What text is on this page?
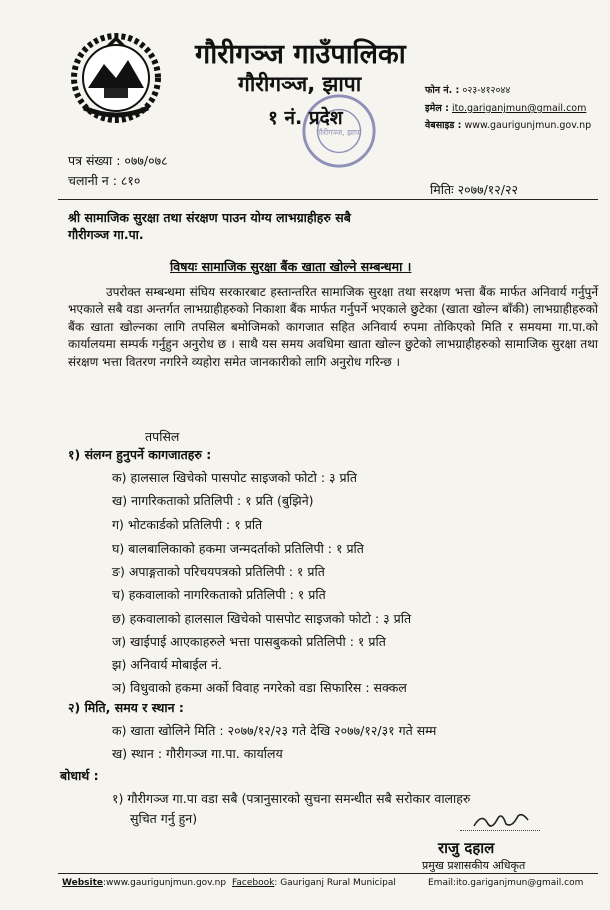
गौरीगञ्ज, झापा
गौरीगञ्ज गाउँपालिका
गौरीगञ्ज, झापा
१ नं. प्रदेश
फोन नं. : ०२३-४१२०४४
इमेल : ito.gariganjmun@gmail.com
वेबसाइड : www.gaurigunjmun.gov.np
पत्र संख्या : ०७७/०७८
चलानी न : ८१०
मितिः २०७७/१२/२२
श्री सामाजिक सुरक्षा तथा संरक्षण पाउन योग्य लाभग्राहीहरु सबै
गौरीगञ्ज गा.पा.
विषयः सामाजिक सुरक्षा बैंक खाता खोल्ने सम्बन्धमा ।
उपरोक्त सम्बन्धमा संघिय सरकारबाट हस्तान्तरित सामाजिक सुरक्षा तथा सरक्षण भत्ता बैंक मार्फत अनिवार्य गर्नुपुर्ने भएकाले सबै वडा अन्तर्गत लाभग्राहीहरुको निकाशा बैंक मार्फत गर्नुपर्ने भएकाले छुटेका (खाता खोल्न बाँकी) लाभग्राहीहरुको बैंक खाता खोल्नका लागि तपसिल बमोजिमको कागजात सहित अनिवार्य रुपमा तोकिएको मिति र समयमा गा.पा.को कार्यालयमा सम्पर्क गर्नुहुन अनुरोध छ । साथै यस समय अवधिमा खाता खोल्न छुटेको लाभग्राहीहरुको सामाजिक सुरक्षा तथा संरक्षण भत्ता वितरण नगरिने व्यहोरा समेत जानकारीको लागि अनुरोध गरिन्छ ।
तपसिल
१) संलग्न हुनुपर्ने कागजातहरु :
क) हालसाल खिचेको पासपोट साइजको फोटो : ३ प्रति
ख) नागरिकताको प्रतिलिपी : १ प्रति (बुझिने)
ग) भोटकार्डको प्रतिलिपी : १ प्रति
घ) बालबालिकाको हकमा जन्मदर्ताको प्रतिलिपी : १ प्रति
ङ) अपाङ्गताको परिचयपत्रको प्रतिलिपी : १ प्रति
च) हकवालाको नागरिकताको प्रतिलिपी : १ प्रति
छ) हकवालाको हालसाल खिचेको पासपोट साइजको फोटो : ३ प्रति
ज) खाईपाई आएकाहरुले भत्ता पासबुकको प्रतिलिपी : १ प्रति
झ) अनिवार्य मोबाईल नं.
ञ) विधुवाको हकमा अर्को विवाह नगरेको वडा सिफारिस : सक्कल
२) मिति, समय र स्थान :
क) खाता खोलिने मिति : २०७७/१२/२३ गते देखि २०७७/१२/३१ गते सम्म
ख) स्थान : गौरीगञ्ज गा.पा. कार्यालय
बोधार्थ :
१) गौरीगञ्ज गा.पा वडा सबै (पत्रानुसारको सुचना समन्धीत सबै सरोकार वालाहरु
सुचित गर्नु हुन)
राजु दहाल
प्रमुख प्रशासकीय अधिकृत
Website:www.gaurigunjmun.gov.np Facebook: Gauriganj Rural Municipal	Email:ito.gariganjmun@gmail.com
